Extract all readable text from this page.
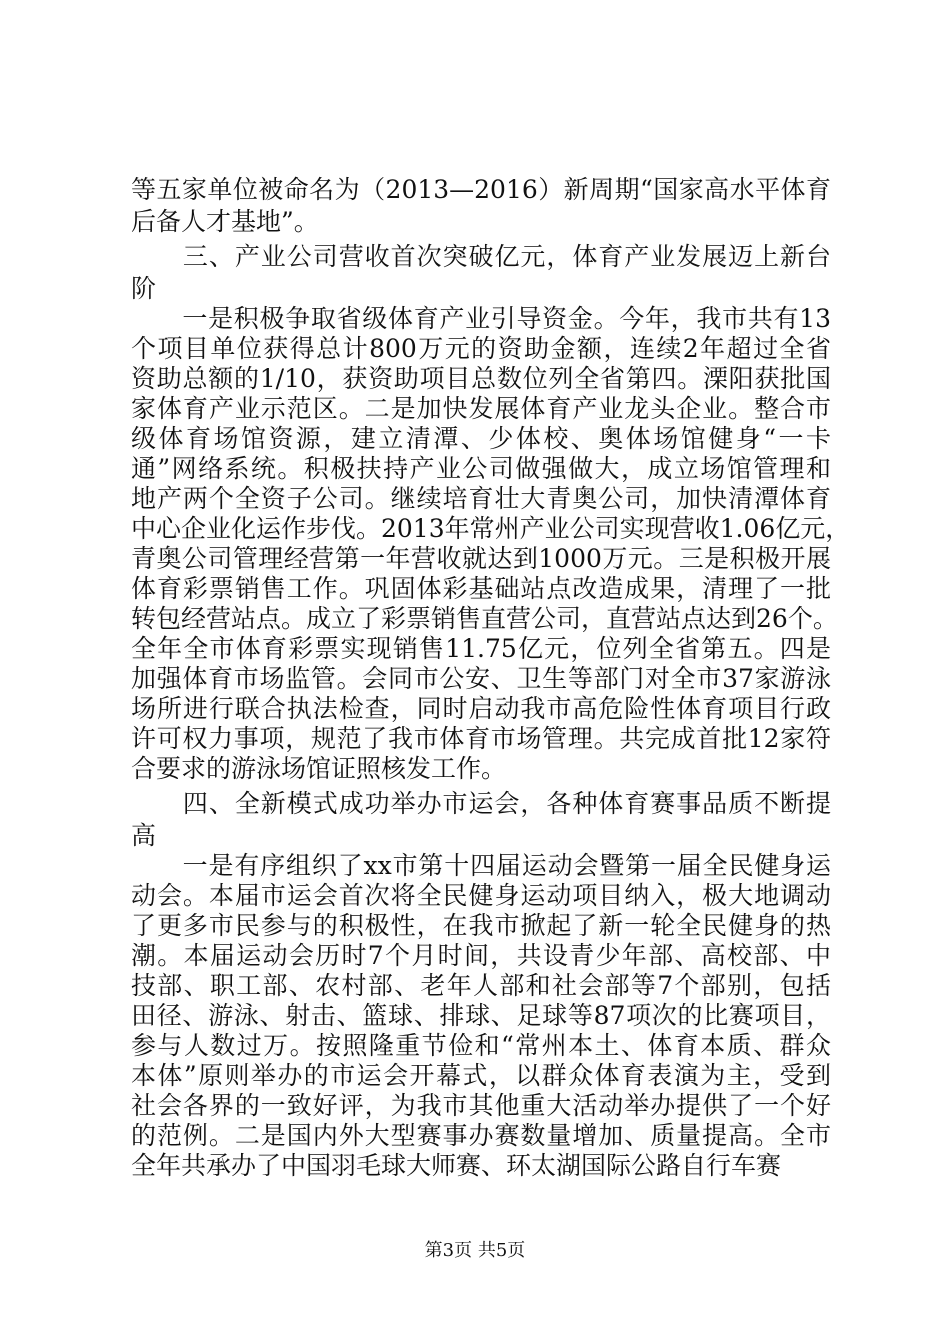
等五家单位被命名为（2013—2016）新周期“国家高水平体育
后备人才基地”。
　　三、产业公司营收首次突破亿元，体育产业发展迈上新台
阶
　　一是积极争取省级体育产业引导资金。今年，我市共有13
个项目单位获得总计800万元的资助金额，连续2年超过全省
资助总额的1/10，获资助项目总数位列全省第四。溧阳获批国
家体育产业示范区。二是加快发展体育产业龙头企业。整合市
级体育场馆资源，建立清潭、少体校、奥体场馆健身“一卡
通”网络系统。积极扶持产业公司做强做大，成立场馆管理和
地产两个全资子公司。继续培育壮大青奥公司，加快清潭体育
中心企业化运作步伐。2013年常州产业公司实现营收1.06亿元，
青奥公司管理经营第一年营收就达到1000万元。三是积极开展
体育彩票销售工作。巩固体彩基础站点改造成果，清理了一批
转包经营站点。成立了彩票销售直营公司，直营站点达到26个。
全年全市体育彩票实现销售11.75亿元，位列全省第五。四是
加强体育市场监管。会同市公安、卫生等部门对全市37家游泳
场所进行联合执法检查，同时启动我市高危险性体育项目行政
许可权力事项，规范了我市体育市场管理。共完成首批12家符
合要求的游泳场馆证照核发工作。
　　四、全新模式成功举办市运会，各种体育赛事品质不断提
高
　　一是有序组织了xx市第十四届运动会暨第一届全民健身运
动会。本届市运会首次将全民健身运动项目纳入，极大地调动
了更多市民参与的积极性，在我市掀起了新一轮全民健身的热
潮。本届运动会历时7个月时间，共设青少年部、高校部、中
技部、职工部、农村部、老年人部和社会部等7个部别，包括
田径、游泳、射击、篮球、排球、足球等87项次的比赛项目，
参与人数过万。按照隆重节俭和“常州本土、体育本质、群众
本体”原则举办的市运会开幕式，以群众体育表演为主，受到
社会各界的一致好评，为我市其他重大活动举办提供了一个好
的范例。二是国内外大型赛事办赛数量增加、质量提高。全市
全年共承办了中国羽毛球大师赛、环太湖国际公路自行车赛
第3页 共5页
